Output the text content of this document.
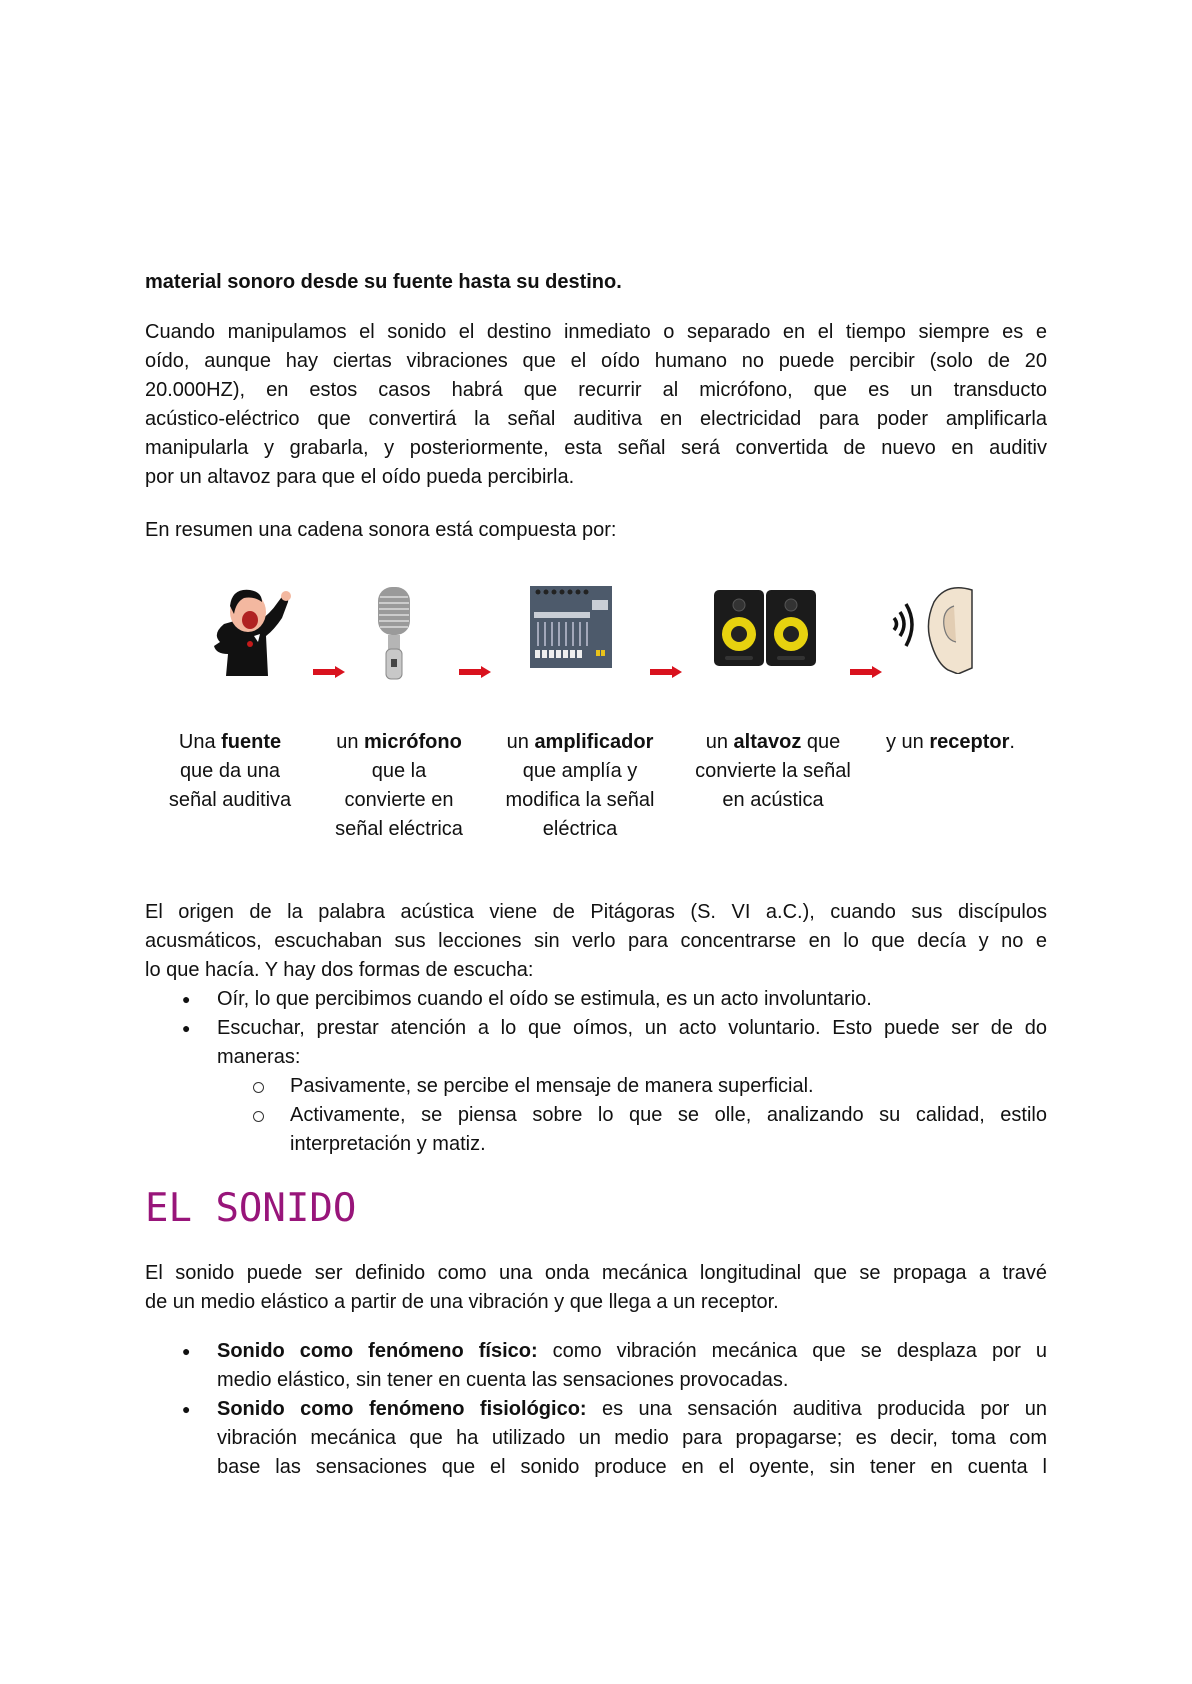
material sonoro desde su fuente hasta su destino.
Cuando manipulamos el sonido el destino inmediato o separado en el tiempo siempre es e
oído, aunque hay ciertas vibraciones que el oído humano no puede percibir (solo de 20
20.000HZ), en estos casos habrá que recurrir al micrófono, que es un transducto
acústico-eléctrico que convertirá la señal auditiva en electricidad para poder amplificarla
manipularla y grabarla, y posteriormente, esta señal será convertida de nuevo en auditiv
por un altavoz para que el oído pueda percibirla.
En resumen una cadena sonora está compuesta por:
Una fuente
que da una
señal auditiva
un micrófono
que la
convierte en
señal eléctrica
un amplificador
que amplía y
modifica la señal
eléctrica
un altavoz que
convierte la señal
en acústica
y un receptor.
El origen de la palabra acústica viene de Pitágoras (S. VI a.C.), cuando sus discípulos
acusmáticos, escuchaban sus lecciones sin verlo para concentrarse en lo que decía y no e
lo que hacía. Y hay dos formas de escucha:
● Oír, lo que percibimos cuando el oído se estimula, es un acto involuntario.
● Escuchar, prestar atención a lo que oímos, un acto voluntario. Esto puede ser de do
maneras:
Pasivamente, se percibe el mensaje de manera superficial.
Activamente, se piensa sobre lo que se olle, analizando su calidad, estilo
interpretación y matiz.
EL SONIDO
El sonido puede ser definido como una onda mecánica longitudinal que se propaga a travé
de un medio elástico a partir de una vibración y que llega a un receptor.
● Sonido como fenómeno físico: como vibración mecánica que se desplaza por u
medio elástico, sin tener en cuenta las sensaciones provocadas.
● Sonido como fenómeno fisiológico: es una sensación auditiva producida por un
vibración mecánica que ha utilizado un medio para propagarse; es decir, toma com
base las sensaciones que el sonido produce en el oyente, sin tener en cuenta l
